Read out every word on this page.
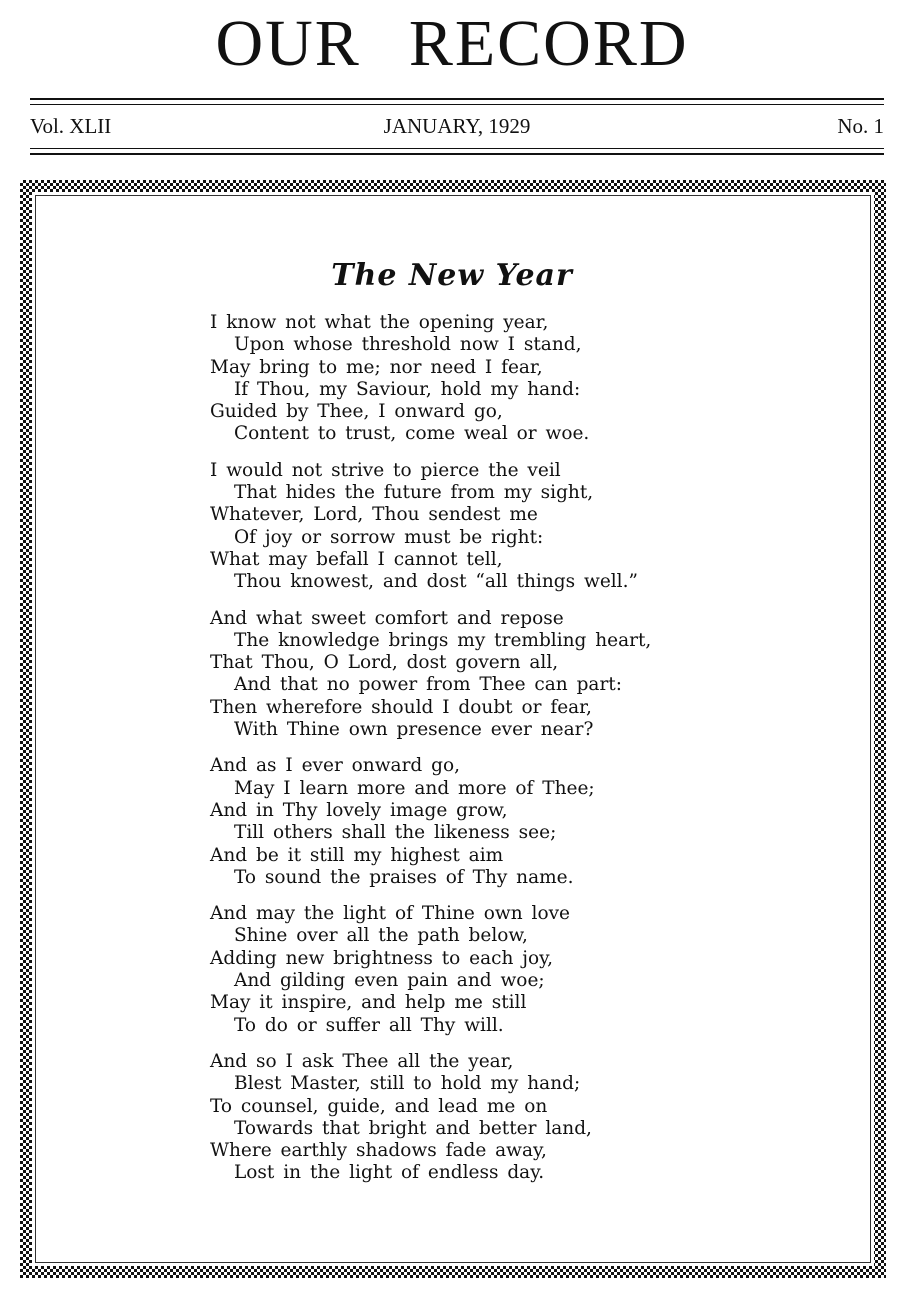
OUR RECORD
Vol. XLII	JANUARY, 1929	No. 1
The New Year
I know not what the opening year,
Upon whose threshold now I stand,
May bring to me; nor need I fear,
If Thou, my Saviour, hold my hand:
Guided by Thee, I onward go,
Content to trust, come weal or woe.
I would not strive to pierce the veil
That hides the future from my sight,
Whatever, Lord, Thou sendest me
Of joy or sorrow must be right:
What may befall I cannot tell,
Thou knowest, and dost “all things well.”
And what sweet comfort and repose
The knowledge brings my trembling heart,
That Thou, O Lord, dost govern all,
And that no power from Thee can part:
Then wherefore should I doubt or fear,
With Thine own presence ever near?
And as I ever onward go,
May I learn more and more of Thee;
And in Thy lovely image grow,
Till others shall the likeness see;
And be it still my highest aim
To sound the praises of Thy name.
And may the light of Thine own love
Shine over all the path below,
Adding new brightness to each joy,
And gilding even pain and woe;
May it inspire, and help me still
To do or suffer all Thy will.
And so I ask Thee all the year,
Blest Master, still to hold my hand;
To counsel, guide, and lead me on
Towards that bright and better land,
Where earthly shadows fade away,
Lost in the light of endless day.
